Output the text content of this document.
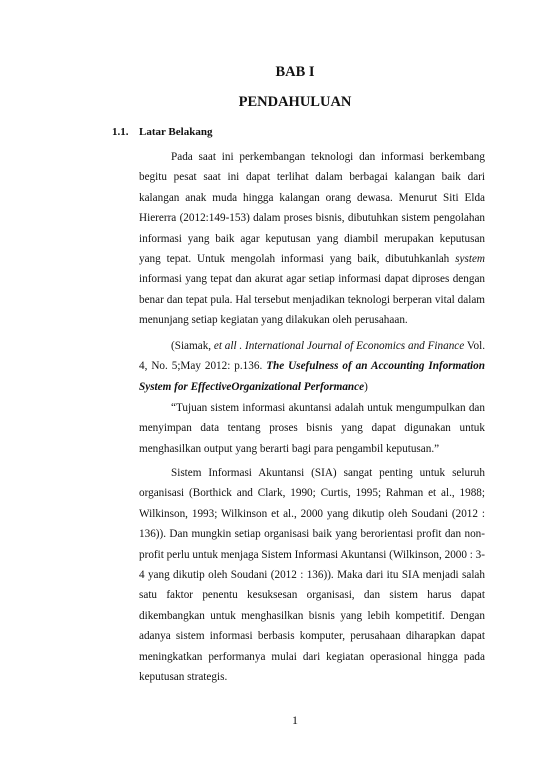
BAB I
PENDAHULUAN
1.1. Latar Belakang

Pada saat ini perkembangan teknologi dan informasi berkembang begitu pesat saat ini dapat terlihat dalam berbagai kalangan baik dari kalangan anak muda hingga kalangan orang dewasa. Menurut Siti Elda Hiererra (2012:149-153) dalam proses bisnis, dibutuhkan sistem pengolahan informasi yang baik agar keputusan yang diambil merupakan keputusan yang tepat. Untuk mengolah informasi yang baik, dibutuhkanlah system informasi yang tepat dan akurat agar setiap informasi dapat diproses dengan benar dan tepat pula. Hal tersebut menjadikan teknologi berperan vital dalam menunjang setiap kegiatan yang dilakukan oleh perusahaan.

(Siamak, et all . International Journal of Economics and Finance Vol. 4, No. 5;May 2012: p.136. The Usefulness of an Accounting Information System for EffectiveOrganizational Performance)

“Tujuan sistem informasi akuntansi adalah untuk mengumpulkan dan menyimpan data tentang proses bisnis yang dapat digunakan untuk menghasilkan output yang berarti bagi para pengambil keputusan.”

Sistem Informasi Akuntansi (SIA) sangat penting untuk seluruh organisasi (Borthick and Clark, 1990; Curtis, 1995; Rahman et al., 1988; Wilkinson, 1993; Wilkinson et al., 2000 yang dikutip oleh Soudani (2012 : 136)). Dan mungkin setiap organisasi baik yang berorientasi profit dan non-profit perlu untuk menjaga Sistem Informasi Akuntansi (Wilkinson, 2000 : 3-4 yang dikutip oleh Soudani (2012 : 136)). Maka dari itu SIA menjadi salah satu faktor penentu kesuksesan organisasi, dan sistem harus dapat dikembangkan untuk menghasilkan bisnis yang lebih kompetitif. Dengan adanya sistem informasi berbasis komputer, perusahaan diharapkan dapat meningkatkan performanya mulai dari kegiatan operasional hingga pada keputusan strategis.

1
